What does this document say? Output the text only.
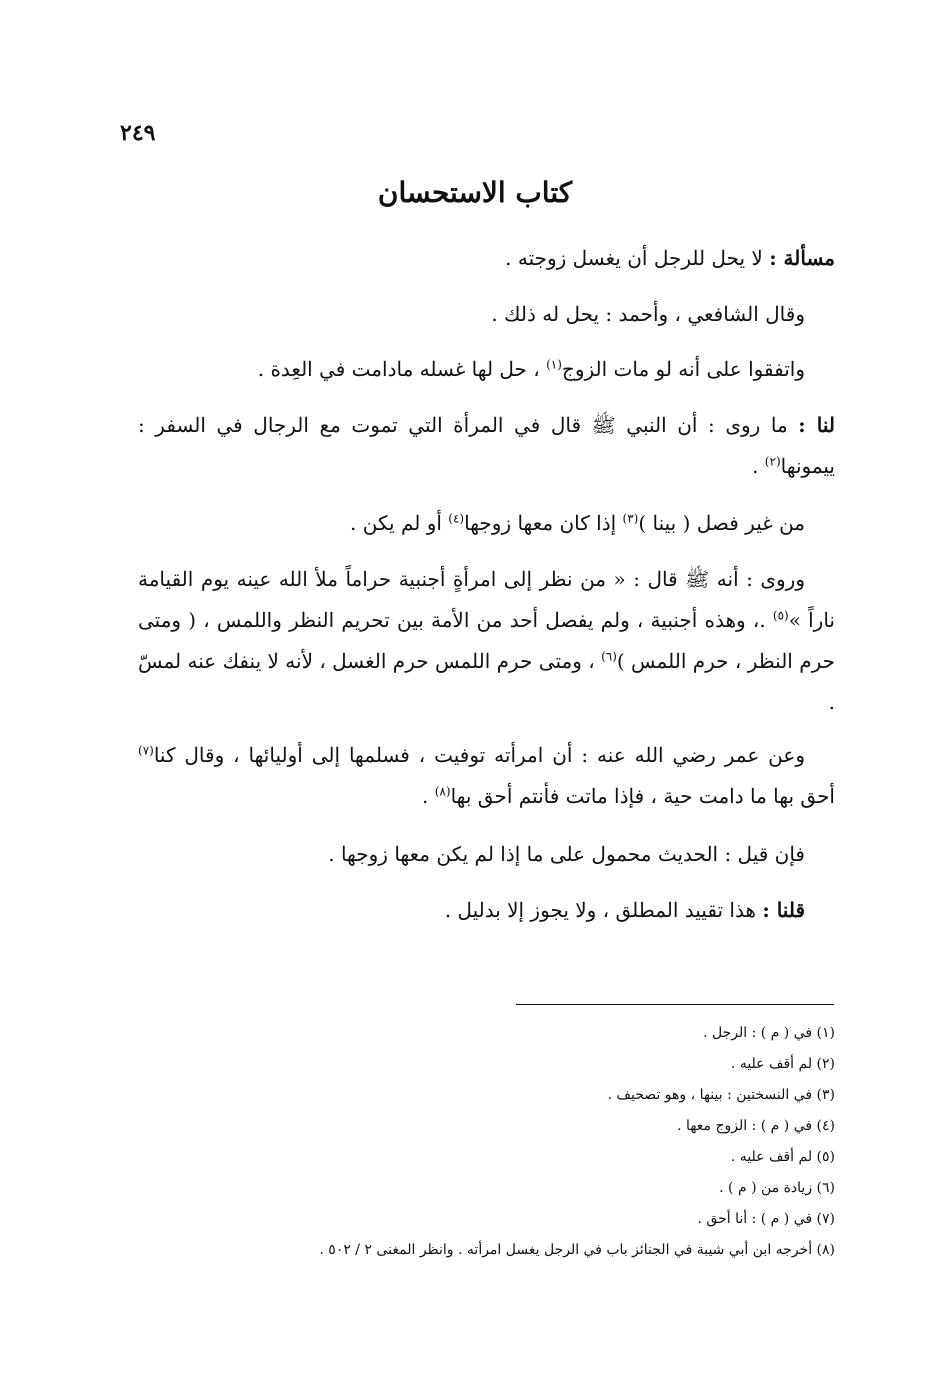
٢٤٩
كتاب الاستحسان

مسألة : لا يحل للرجل أن يغسل زوجته .

وقال الشافعي ، وأحمد : يحل له ذلك .

واتفقوا على أنه لو مات الزوج$^{(١)}$ ، حل لها غسله مادامت في العِدة .

لنا : ما روى : أن النبي ﷺ قال في المرأة التي تموت مع الرجال في السفر : ييمونها$^{(٢)}$ .

من غير فصل ( بينا )$^{(٣)}$ إذا كان معها زوجها$^{(٤)}$ أو لم يكن .

وروى : أنه ﷺ قال : « من نظر إلى امرأةٍ أجنبية حراماً ملأ الله عينه يوم القيامة ناراً »$^{(٥)}$ .، وهذه أجنبية ، ولم يفصل أحد من الأمة بين تحريم النظر واللمس ، ( ومتى حرم النظر ، حرم اللمس )$^{(٦)}$ ، ومتى حرم اللمس حرم الغسل ، لأنه لا ينفك عنه لمسّ .

وعن عمر رضي الله عنه : أن امرأته توفيت ، فسلمها إلى أوليائها ، وقال كنا$^{(٧)}$ أحق بها ما دامت حية ، فإذا ماتت فأنتم أحق بها$^{(٨)}$ .

فإن قيل : الحديث محمول على ما إذا لم يكن معها زوجها .

قلنا : هذا تقييد المطلق ، ولا يجوز إلا بدليل .

(١) في ( م ) : الرجل .
(٢) لم أقف عليه .
(٣) في النسختين : بينها ، وهو تصحيف .
(٤) في ( م ) : الزوج معها .
(٥) لم أقف عليه .
(٦) زيادة من ( م ) .
(٧) في ( م ) : أنا أحق .
(٨) أخرجه ابن أبي شيبة في الجنائز باب في الرجل يغسل امرأته . وانظر المغنى ٢ / ٥٠٢ .
